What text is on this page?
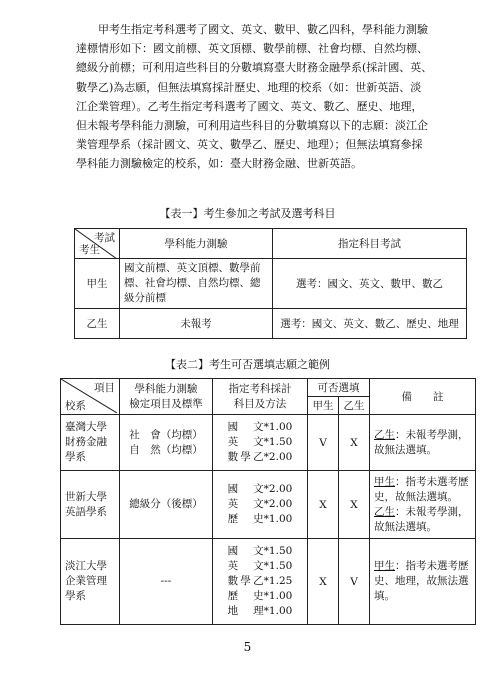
甲考生指定考科選考了國文、英文、數甲、數乙四科，學科能力測驗
達標情形如下：國文前標、英文頂標、數學前標、社會均標、自然均標、
總級分前標；可利用這些科目的分數填寫臺大財務金融學系(採計國、英、
數學乙)為志願，但無法填寫採計歷史、地理的校系（如：世新英語、淡
江企業管理）。乙考生指定考科選考了國文、英文、數乙、歷史、地理，
但未報考學科能力測驗，可利用這些科目的分數填寫以下的志願：淡江企
業管理學系（採計國文、英文、數學乙、歷史、地理）；但無法填寫參採
學科能力測驗檢定的校系，如：臺大財務金融、世新英語。
【表一】考生參加之考試及選考科目
考試
考生	學科能力測驗	指定科目考試
甲生	國文前標、英文頂標、數學前
標、社會均標、自然均標、總
級分前標	選考：國文、英文、數甲、數乙
乙生	未報考	選考：國文、英文、數乙、歷史、地理
【表二】考生可否選填志願之範例
項目
校系	學科能力測驗
檢定項目及標準	指定考科採計
科目及方法	可否選填		備　　註
			甲生	乙生	

臺灣大學
財務金融
學系	社　會（均標）
自　然（均標）	國文*1.00
英文*1.50
數學乙*2.00	V	X	乙生：未報考學測，
故無法選填。

世新大學
英語學系	總級分（後標）	國文*2.00
英文*2.00
歷史*1.00	X	X	甲生：指考未選考歷
史，故無法選填。
乙生：未報考學測，
故無法選填。

淡江大學
企業管理
學系	---	國文*1.50
英文*1.50
數學乙*1.25
歷史*1.00
地理*1.00	X	V	甲生：指考未選考歷
史、地理，故無法選
填。
5
